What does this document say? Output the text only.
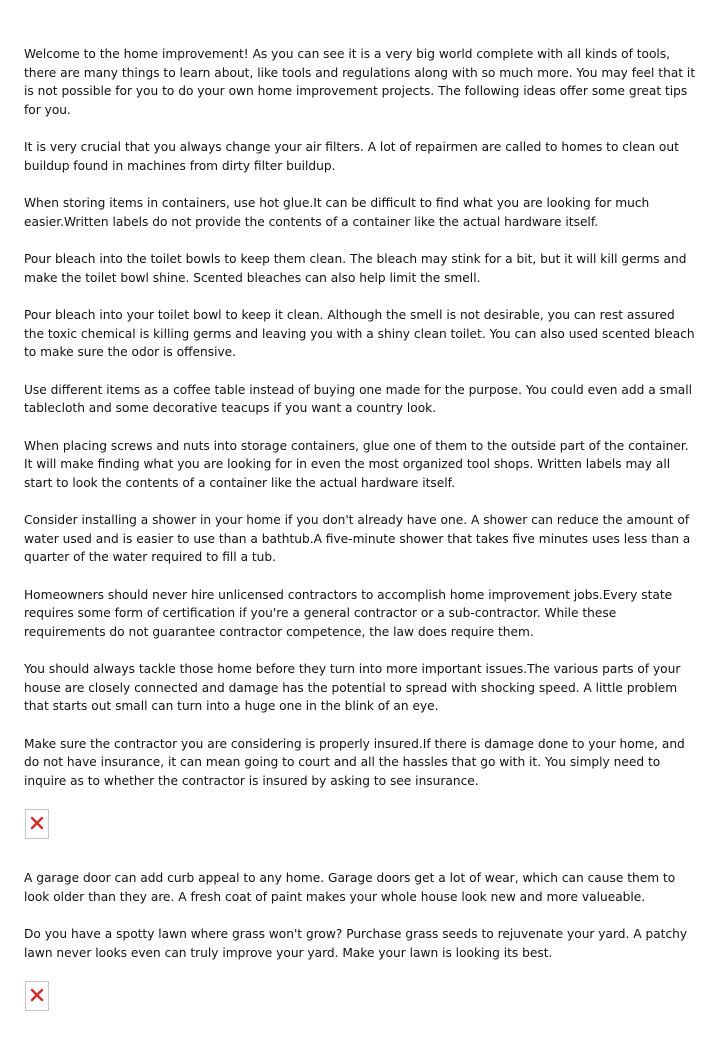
Welcome to the home improvement! As you can see it is a very big world complete with all kinds of tools, there are many things to learn about, like tools and regulations along with so much more. You may feel that it is not possible for you to do your own home improvement projects. The following ideas offer some great tips for you.

It is very crucial that you always change your air filters. A lot of repairmen are called to homes to clean out buildup found in machines from dirty filter buildup.

When storing items in containers, use hot glue.It can be difficult to find what you are looking for much easier.Written labels do not provide the contents of a container like the actual hardware itself.

Pour bleach into the toilet bowls to keep them clean. The bleach may stink for a bit, but it will kill germs and make the toilet bowl shine. Scented bleaches can also help limit the smell.

Pour bleach into your toilet bowl to keep it clean. Although the smell is not desirable, you can rest assured the toxic chemical is killing germs and leaving you with a shiny clean toilet. You can also used scented bleach to make sure the odor is offensive.

Use different items as a coffee table instead of buying one made for the purpose. You could even add a small tablecloth and some decorative teacups if you want a country look.

When placing screws and nuts into storage containers, glue one of them to the outside part of the container. It will make finding what you are looking for in even the most organized tool shops. Written labels may all start to look the contents of a container like the actual hardware itself.

Consider installing a shower in your home if you don't already have one. A shower can reduce the amount of water used and is easier to use than a bathtub.A five-minute shower that takes five minutes uses less than a quarter of the water required to fill a tub.

Homeowners should never hire unlicensed contractors to accomplish home improvement jobs.Every state requires some form of certification if you're a general contractor or a sub-contractor. While these requirements do not guarantee contractor competence, the law does require them.

You should always tackle those home before they turn into more important issues.The various parts of your house are closely connected and damage has the potential to spread with shocking speed. A little problem that starts out small can turn into a huge one in the blink of an eye.

Make sure the contractor you are considering is properly insured.If there is damage done to your home, and do not have insurance, it can mean going to court and all the hassles that go with it. You simply need to inquire as to whether the contractor is insured by asking to see insurance.

A garage door can add curb appeal to any home. Garage doors get a lot of wear, which can cause them to look older than they are. A fresh coat of paint makes your whole house look new and more valueable.

Do you have a spotty lawn where grass won't grow? Purchase grass seeds to rejuvenate your yard. A patchy lawn never looks even can truly improve your yard. Make your lawn is looking its best.
